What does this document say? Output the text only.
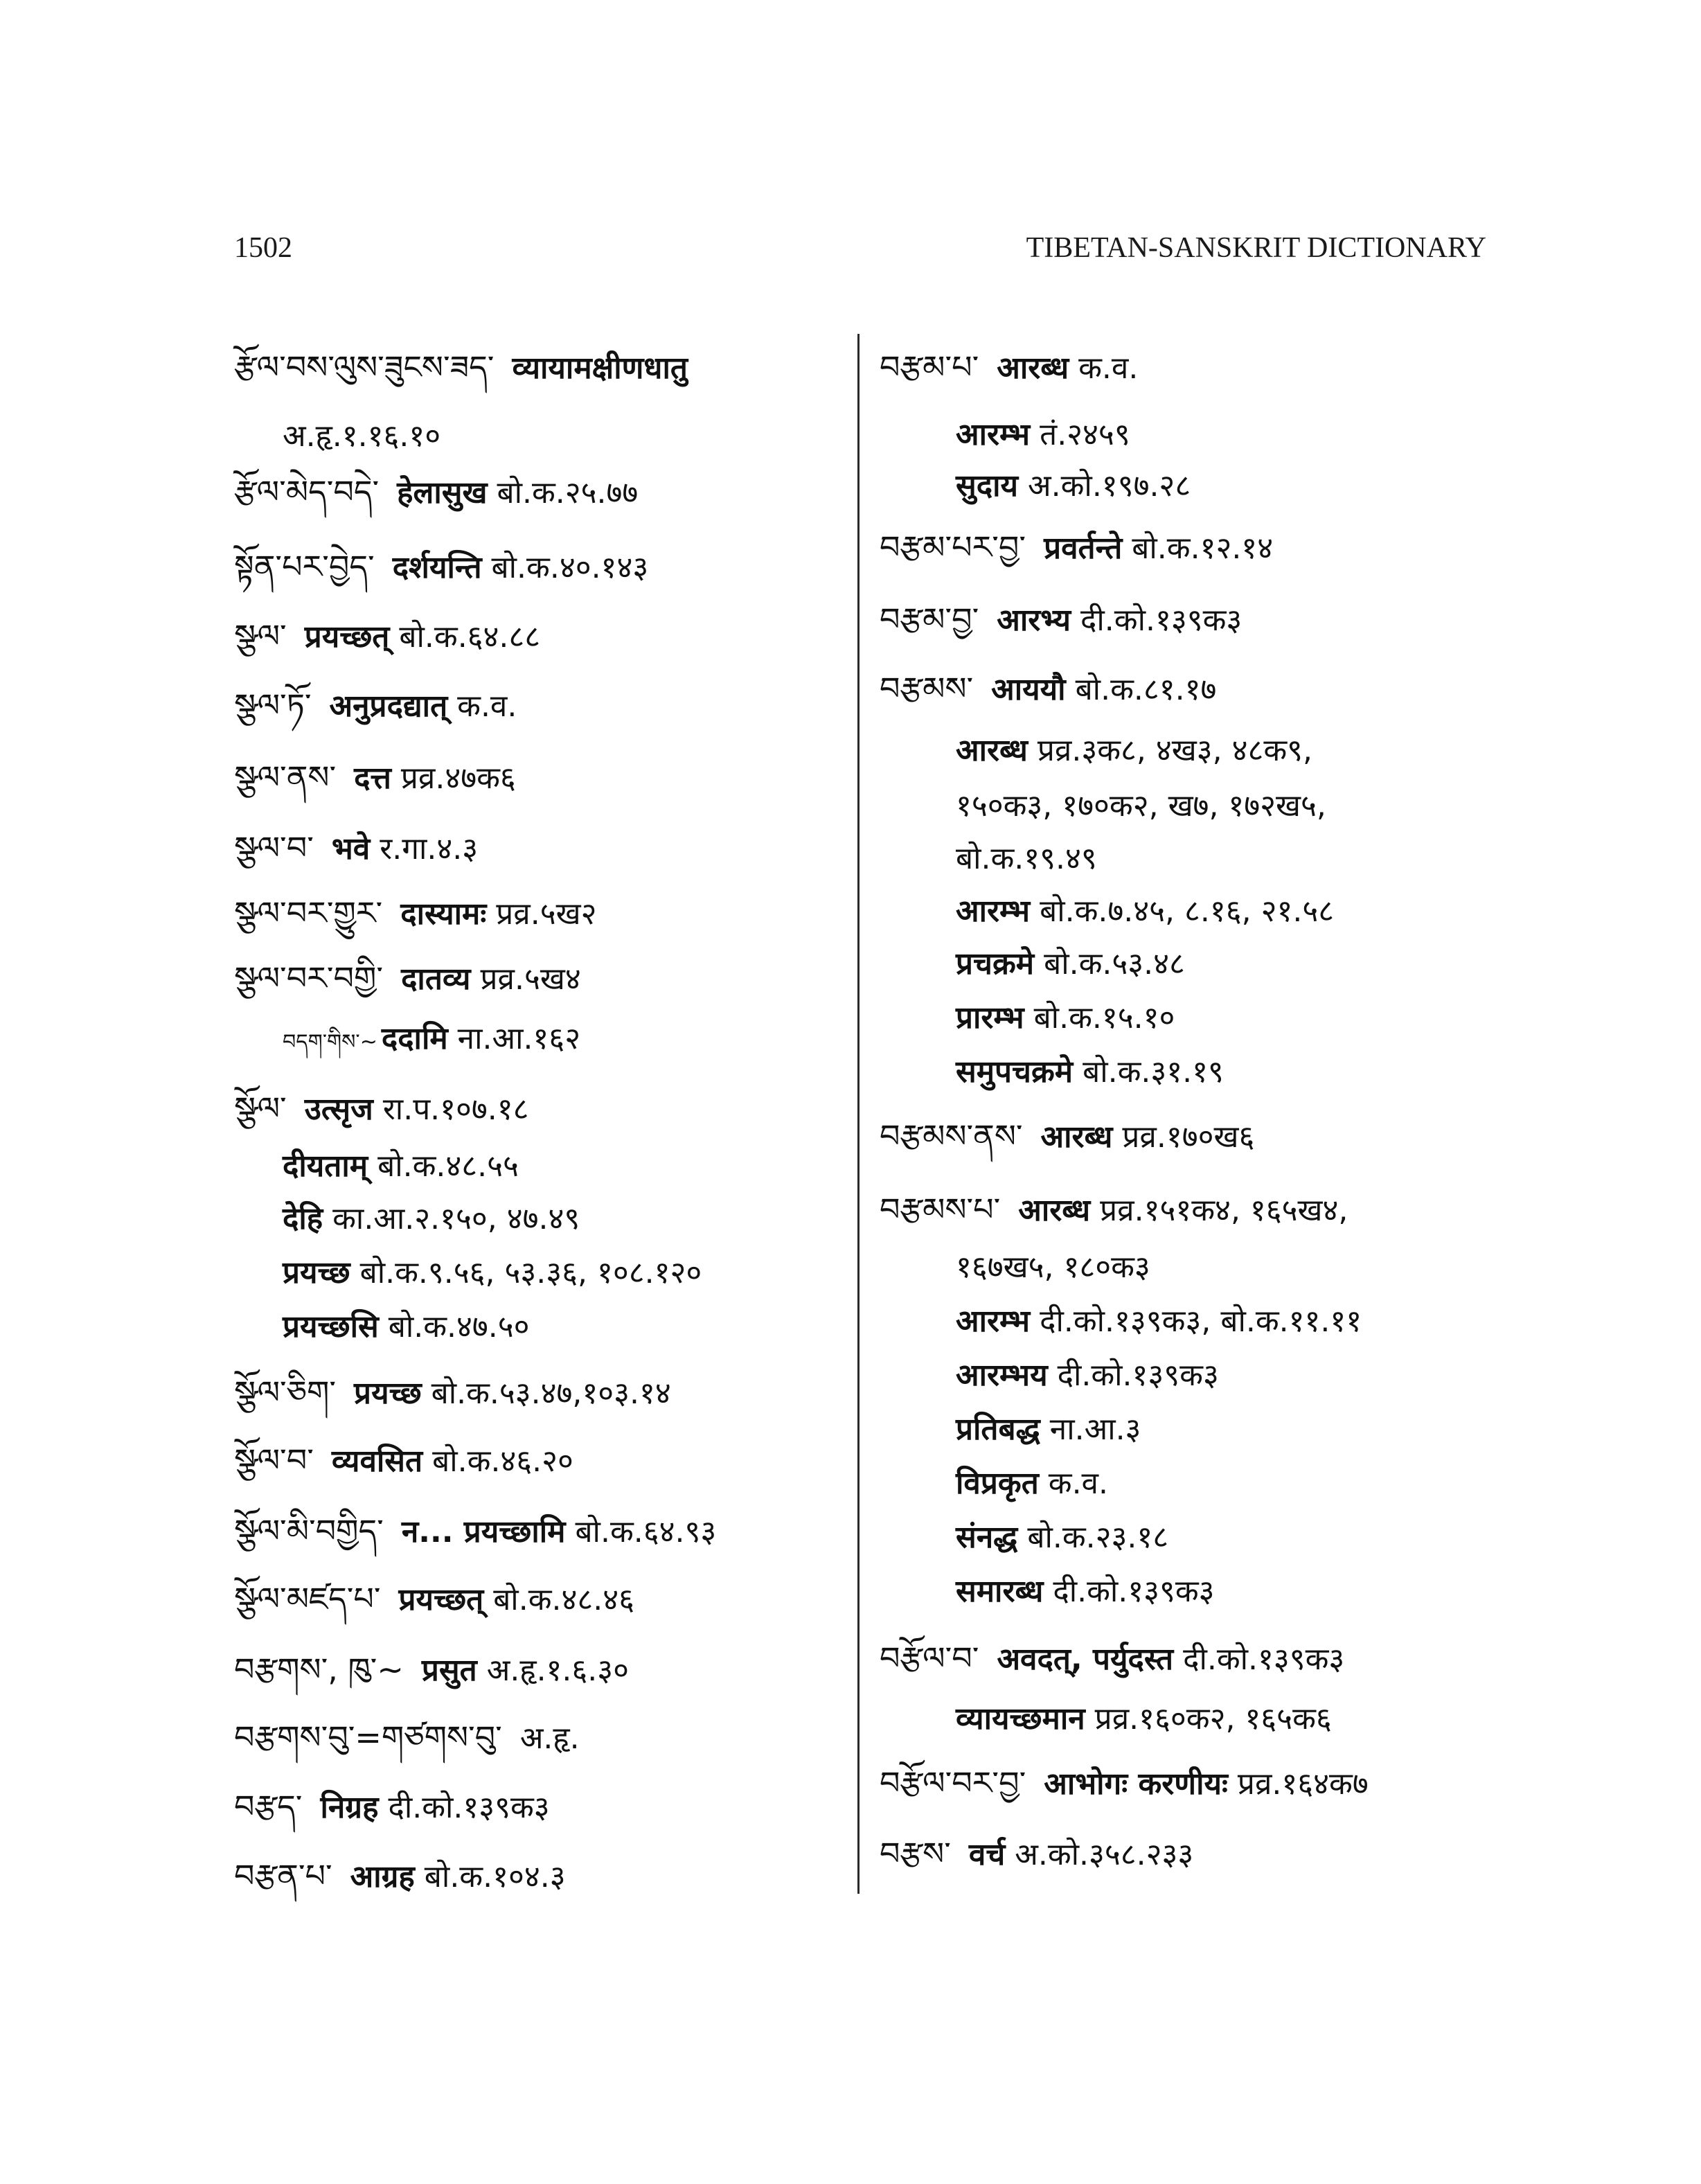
1502	TIBETAN-SANSKRIT DICTIONARY
རྩོལ་བས་ལུས་ཟུངས་ཟད་ व्यायामक्षीणधातु
अ.हृ.१.१६.१०
རྩོལ་མེད་བདེ་ हेलासुख बो.क.२५.७७
སྟོན་པར་བྱེད་ दर्शयन्ति बो.क.४०.१४३
སྩལ་ प्रयच्छत् बो.क.६४.८८
སྩལ་ཏོ་ अनुप्रदद्यात् क.व.
སྩལ་ནས་ दत्त प्रव्र.४७क६
སྩལ་བ་ भवे र.गा.४.३
སྩལ་བར་གྱུར་ दास्यामः प्रव्र.५ख२
སྩལ་བར་བགྱི་ दातव्य प्रव्र.५ख४
བདག་གིས་~ ददामि ना.आ.१६२
སྩོལ་ उत्सृज रा.प.१०७.१८
दीयताम् बो.क.४८.५५
देहि का.आ.२.१५०, ४७.४९
प्रयच्छ बो.क.९.५६, ५३.३६, १०८.१२०
प्रयच्छसि बो.क.४७.५०
སྩོལ་ཅིག་ प्रयच्छ बो.क.५३.४७,१०३.१४
སྩོལ་བ་ व्यवसित बो.क.४६.२०
སྩོལ་མི་བགྱིད་ न... प्रयच्छामि बो.क.६४.९३
སྩོལ་མཛད་པ་ प्रयच्छत् बो.क.४८.४६
བརྩགས་, ཁུ་~ प्रसुत अ.हृ.१.६.३०
བརྩགས་བུ་=གཙགས་བུ་ अ.हृ.
བརྩད་ निग्रह दी.को.१३९क३
བརྩན་པ་ आग्रह बो.क.१०४.३
བརྩམ་པ་ आरब्ध क.व.
आरम्भ तं.२४५९
सुदाय अ.को.१९७.२८
བརྩམ་པར་བྱ་ प्रवर्तन्ते बो.क.१२.१४
བརྩམ་བྱ་ आरभ्य दी.को.१३९क३
བརྩམས་ आययौ बो.क.८१.१७
आरब्ध प्रव्र.३क८, ४ख३, ४८क९,
१५०क३, १७०क२, ख७, १७२ख५,
बो.क.१९.४९
आरम्भ बो.क.७.४५, ८.१६, २१.५८
प्रचक्रमे बो.क.५३.४८
प्रारम्भ बो.क.१५.१०
समुपचक्रमे बो.क.३१.१९
བརྩམས་ནས་ आरब्ध प्रव्र.१७०ख६
བརྩམས་པ་ आरब्ध प्रव्र.१५१क४, १६५ख४,
१६७ख५, १८०क३
आरम्भ दी.को.१३९क३, बो.क.११.११
आरम्भय दी.को.१३९क३
प्रतिबद्ध ना.आ.३
विप्रकृत क.व.
संनद्ध बो.क.२३.१८
समारब्ध दी.को.१३९क३
བརྩོལ་བ་ अवदत्, पर्युदस्त दी.को.१३९क३
व्यायच्छमान प्रव्र.१६०क२, १६५क६
བརྩོལ་བར་བྱ་ आभोगः करणीयः प्रव्र.१६४क७
བརྩས་ वर्च अ.को.३५८.२३३
